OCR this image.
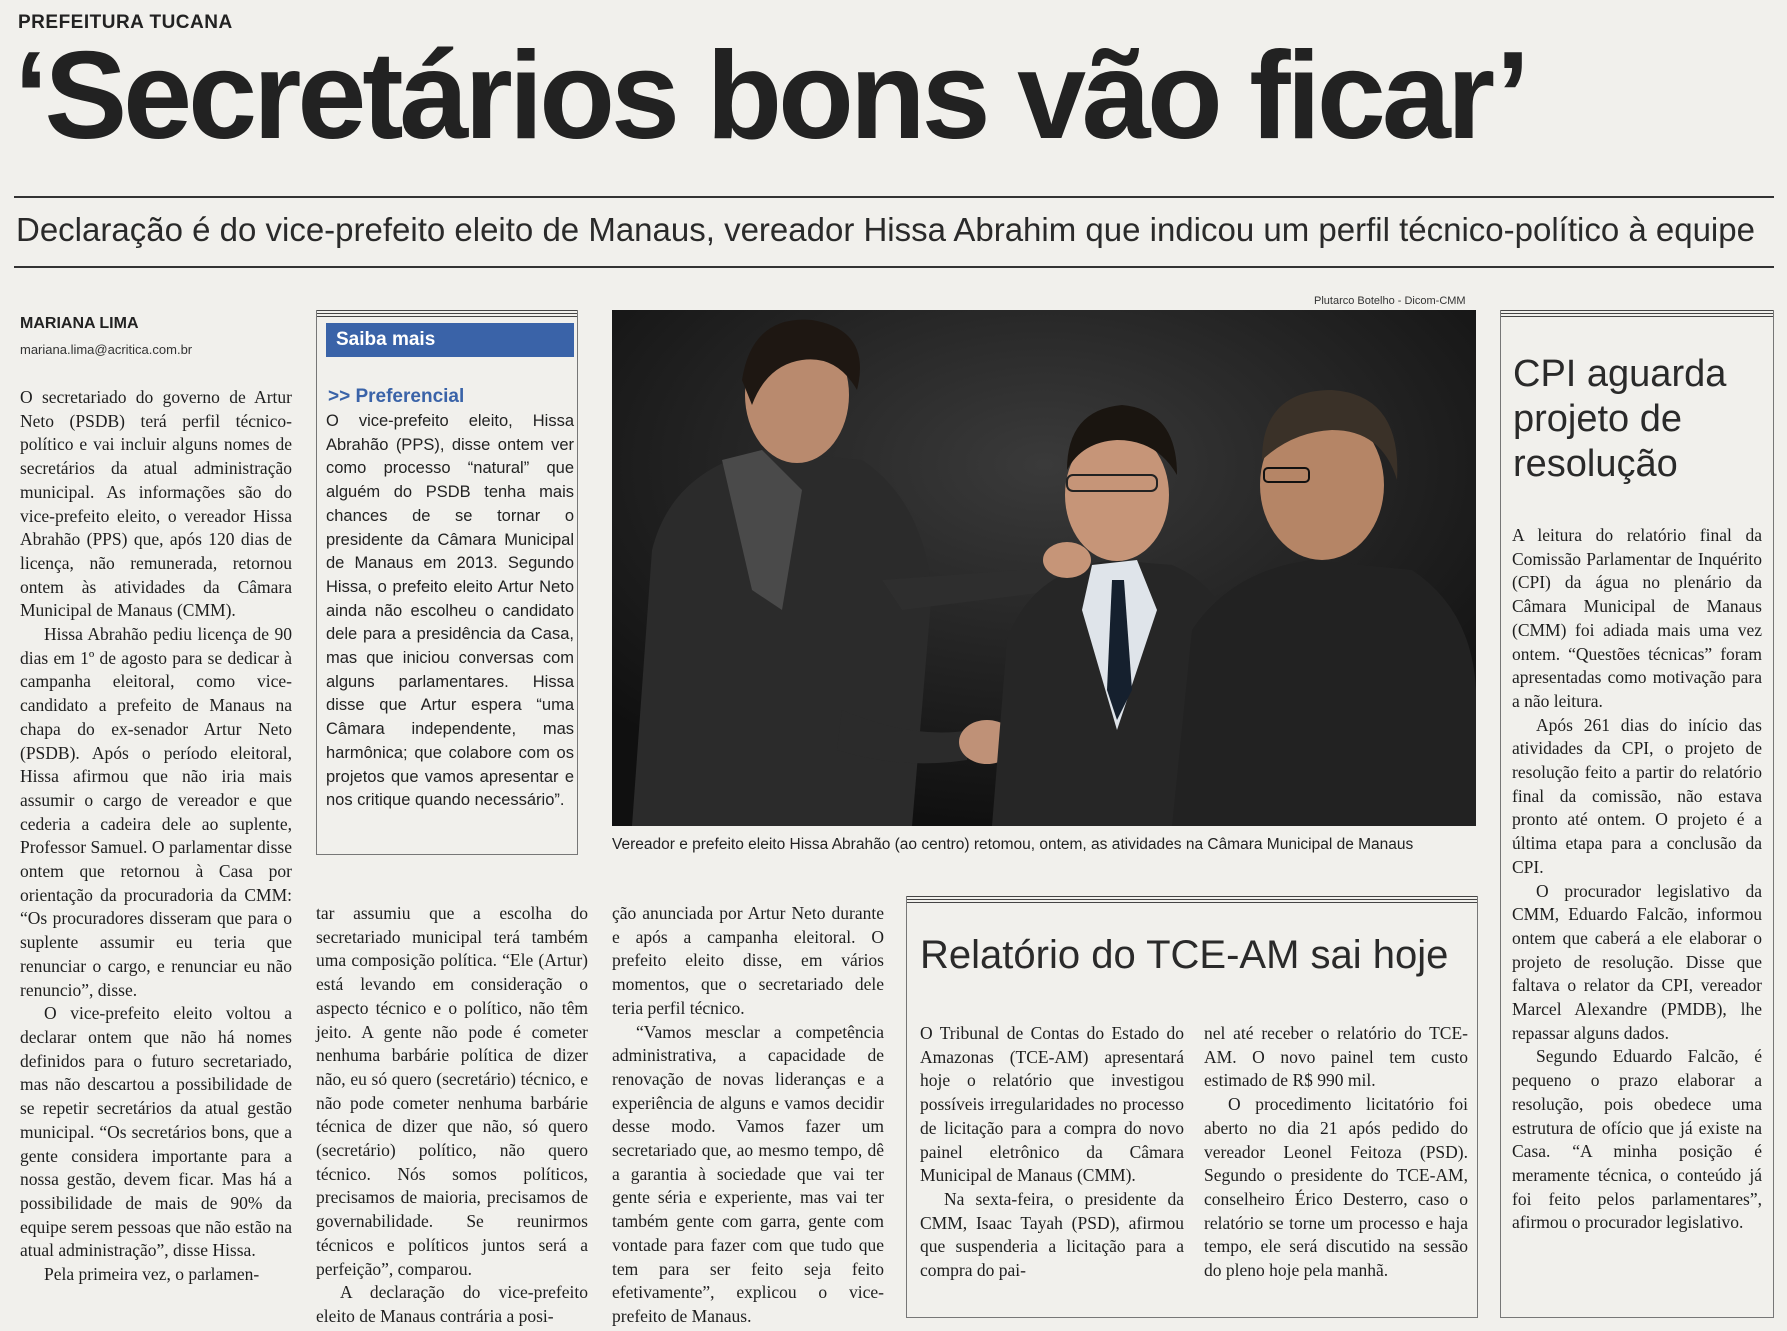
PREFEITURA TUCANA
‘Secretários bons vão ficar’
Declaração é do vice-prefeito eleito de Manaus, vereador Hissa Abrahim que indicou um perfil técnico-político à equipe
MARIANA LIMA
mariana.lima@acritica.com.br

O secretariado do governo de Artur Neto (PSDB) terá perfil técnico-político e vai incluir alguns nomes de secretários da atual administração municipal. As informações são do vice-prefeito eleito, o vereador Hissa Abrahão (PPS) que, após 120 dias de licença, não remunerada, retornou ontem às atividades da Câmara Municipal de Manaus (CMM).

Hissa Abrahão pediu licença de 90 dias em 1º de agosto para se dedicar à campanha eleitoral, como vice-candidato a prefeito de Manaus na chapa do ex-senador Artur Neto (PSDB). Após o período eleitoral, Hissa afirmou que não iria mais assumir o cargo de vereador e que cederia a cadeira dele ao suplente, Professor Samuel. O parlamentar disse ontem que retornou à Casa por orientação da procuradoria da CMM: “Os procuradores disseram que para o suplente assumir eu teria que renunciar o cargo, e renunciar eu não renuncio”, disse.

O vice-prefeito eleito voltou a declarar ontem que não há nomes definidos para o futuro secretariado, mas não descartou a possibilidade de se repetir secretários da atual gestão municipal. “Os secretários bons, que a gente considera importante para a nossa gestão, devem ficar. Mas há a possibilidade de mais de 90% da equipe serem pessoas que não estão na atual administração”, disse Hissa.

Pela primeira vez, o parlamen-

Saiba mais
>> Preferencial
O vice-prefeito eleito, Hissa Abrahão (PPS), disse ontem ver como processo “natural” que alguém do PSDB tenha mais chances de se tornar o presidente da Câmara Municipal de Manaus em 2013. Segundo Hissa, o prefeito eleito Artur Neto ainda não escolheu o candidato dele para a presidência da Casa, mas que iniciou conversas com alguns parlamentares. Hissa disse que Artur espera “uma Câmara independente, mas harmônica; que colabore com os projetos que vamos apresentar e nos critique quando necessário”.

tar assumiu que a escolha do secretariado municipal terá também uma composição política. “Ele (Artur) está levando em consideração o aspecto técnico e o político, não têm jeito. A gente não pode é cometer nenhuma barbárie política de dizer não, eu só quero (secretário) técnico, e não pode cometer nenhuma barbárie técnica de dizer que não, só quero (secretário) político, não quero técnico. Nós somos políticos, precisamos de maioria, precisamos de governabilidade. Se reunirmos técnicos e políticos juntos será a perfeição”, comparou.

A declaração do vice-prefeito eleito de Manaus contrária a posi-

ção anunciada por Artur Neto durante e após a campanha eleitoral. O prefeito eleito disse, em vários momentos, que o secretariado dele teria perfil técnico.

“Vamos mesclar a competência administrativa, a capacidade de renovação de novas lideranças e a experiência de alguns e vamos decidir desse modo. Vamos fazer um secretariado que, ao mesmo tempo, dê a garantia à sociedade que vai ter gente séria e experiente, mas vai ter também gente com garra, gente com vontade para fazer com que tudo que tem para ser feito seja feito efetivamente”, explicou o vice-prefeito de Manaus.

Plutarco Botelho - Dicom-CMM
Vereador e prefeito eleito Hissa Abrahão (ao centro) retomou, ontem, as atividades na Câmara Municipal de Manaus
Relatório do TCE-AM sai hoje

O Tribunal de Contas do Estado do Amazonas (TCE-AM) apresentará hoje o relatório que investigou possíveis irregularidades no processo de licitação para a compra do novo painel eletrônico da Câmara Municipal de Manaus (CMM).

Na sexta-feira, o presidente da CMM, Isaac Tayah (PSD), afirmou que suspenderia a licitação para a compra do pai-

nel até receber o relatório do TCE-AM. O novo painel tem custo estimado de R$ 990 mil.

O procedimento licitatório foi aberto no dia 21 após pedido do vereador Leonel Feitoza (PSD). Segundo o presidente do TCE-AM, conselheiro Érico Desterro, caso o relatório se torne um processo e haja tempo, ele será discutido na sessão do pleno hoje pela manhã.

CPI aguarda projeto de resolução

A leitura do relatório final da Comissão Parlamentar de Inquérito (CPI) da água no plenário da Câmara Municipal de Manaus (CMM) foi adiada mais uma vez ontem. “Questões técnicas” foram apresentadas como motivação para a não leitura.

Após 261 dias do início das atividades da CPI, o projeto de resolução feito a partir do relatório final da comissão, não estava pronto até ontem. O projeto é a última etapa para a conclusão da CPI.

O procurador legislativo da CMM, Eduardo Falcão, informou ontem que caberá a ele elaborar o projeto de resolução. Disse que faltava o relator da CPI, vereador Marcel Alexandre (PMDB), lhe repassar alguns dados.

Segundo Eduardo Falcão, é pequeno o prazo elaborar a resolução, pois obedece uma estrutura de ofício que já existe na Casa. “A minha posição é meramente técnica, o conteúdo já foi feito pelos parlamentares”, afirmou o procurador legislativo.
